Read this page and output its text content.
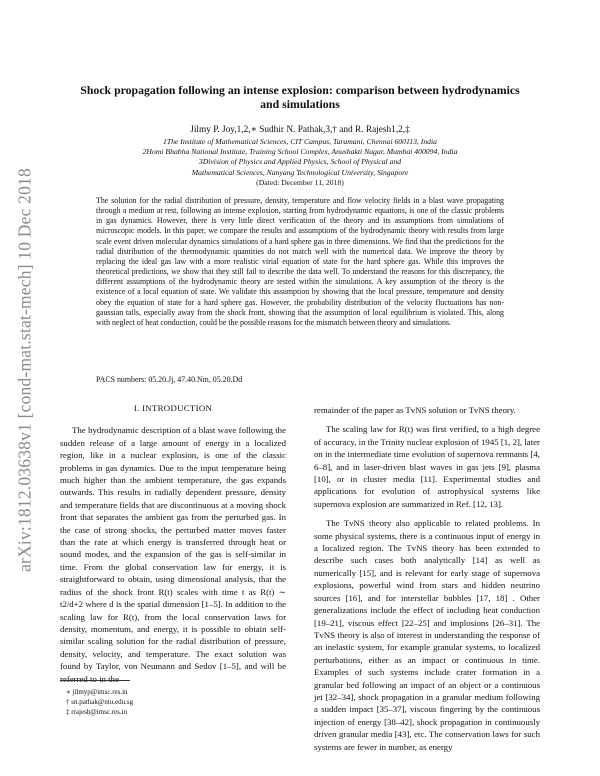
arXiv:1812.03638v1 [cond-mat.stat-mech] 10 Dec 2018
Shock propagation following an intense explosion: comparison between hydrodynamics and simulations
Jilmy P. Joy,1,2,∗ Sudhir N. Pathak,3,† and R. Rajesh1,2,‡
1The Institute of Mathematical Sciences, CIT Campus, Taramani, Chennai 600113, India
2Homi Bhabha National Institute, Training School Complex, Anushakti Nagar, Mumbai 400094, India
3Division of Physics and Applied Physics, School of Physical and
Mathematical Sciences, Nanyang Technological University, Singapore
(Dated: December 11, 2018)
The solution for the radial distribution of pressure, density, temperature and flow velocity fields in a blast wave propagating through a medium at rest, following an intense explosion, starting from hydrodynamic equations, is one of the classic problems in gas dynamics. However, there is very little direct verification of the theory and its assumptions from simulations of microscopic models. In this paper, we compare the results and assumptions of the hydrodynamic theory with results from large scale event driven molecular dynamics simulations of a hard sphere gas in three dimensions. We find that the predictions for the radial distribution of the thermodynamic quantities do not match well with the numerical data. We improve the theory by replacing the ideal gas law with a more realistic virial equation of state for the hard sphere gas. While this improves the theoretical predictions, we show that they still fail to describe the data well. To understand the reasons for this discrepancy, the different assumptions of the hydrodynamic theory are tested within the simulations. A key assumption of the theory is the existence of a local equation of state. We validate this assumption by showing that the local pressure, temperature and density obey the equation of state for a hard sphere gas. However, the probability distribution of the velocity fluctuations has non-gaussian tails, especially away from the shock front, showing that the assumption of local equilibrium is violated. This, along with neglect of heat conduction, could be the possible reasons for the mismatch between theory and simulations.
PACS numbers: 05.20.Jj, 47.40.Nm, 05.20.Dd
I. INTRODUCTION

The hydrodynamic description of a blast wave following the sudden release of a large amount of energy in a localized region, like in a nuclear explosion, is one of the classic problems in gas dynamics. Due to the input temperature being much higher than the ambient temperature, the gas expands outwards. This results in radially dependent pressure, density and temperature fields that are discontinuous at a moving shock front that separates the ambient gas from the perturbed gas. In the case of strong shocks, the perturbed matter moves faster than the rate at which energy is transferred through heat or sound modes, and the expansion of the gas is self-similar in time. From the global conservation law for energy, it is straightforward to obtain, using dimensional analysis, that the radius of the shock front R(t) scales with time t as R(t) ∼ t2/d+2 where d is the spatial dimension [1–5]. In addition to the scaling law for R(t), from the local conservation laws for density, momentum, and energy, it is possible to obtain self-similar scaling solution for the radial distribution of pressure, density, velocity, and temperature. The exact solution was found by Taylor, von Neumann and Sedov [1–5], and will be referred to in the

remainder of the paper as TvNS solution or TvNS theory.

The scaling law for R(t) was first verified, to a high degree of accuracy, in the Trinity nuclear explosion of 1945 [1, 2], later on in the intermediate time evolution of supernova remnants [4, 6–8], and in laser-driven blast waves in gas jets [9], plasma [10], or in cluster media [11]. Experimental studies and applications for evolution of astrophysical systems like supernova explosion are summarized in Ref. [12, 13].

The TvNS theory also applicable to related problems. In some physical systems, there is a continuous input of energy in a localized region. The TvNS theory has been extended to describe such cases both analytically [14] as well as numerically [15], and is relevant for early stage of supernova explosions, powerful wind from stars and hidden neutrino sources [16], and for interstellar bubbles [17, 18] . Other generalizations include the effect of including heat conduction [19–21], viscous effect [22–25] and implosions [26–31]. The TvNS theory is also of interest in understanding the response of an inelastic system, for example granular systems, to localized perturbations, either as an impact or continuous in time. Examples of such systems include crater formation in a granular bed following an impact of an object or a continuous jet [32–34], shock propagation in a granular medium following a sudden impact [35–37], viscous fingering by the continuous injection of energy [38–42], shock propagation in continuously driven granular media [43], etc. The conservation laws for such systems are fewer in number, as energy

∗ jilmyp@imsc.res.in
† sn.pathak@ntu.edu.sg
‡ rrajesh@imsc.res.in
